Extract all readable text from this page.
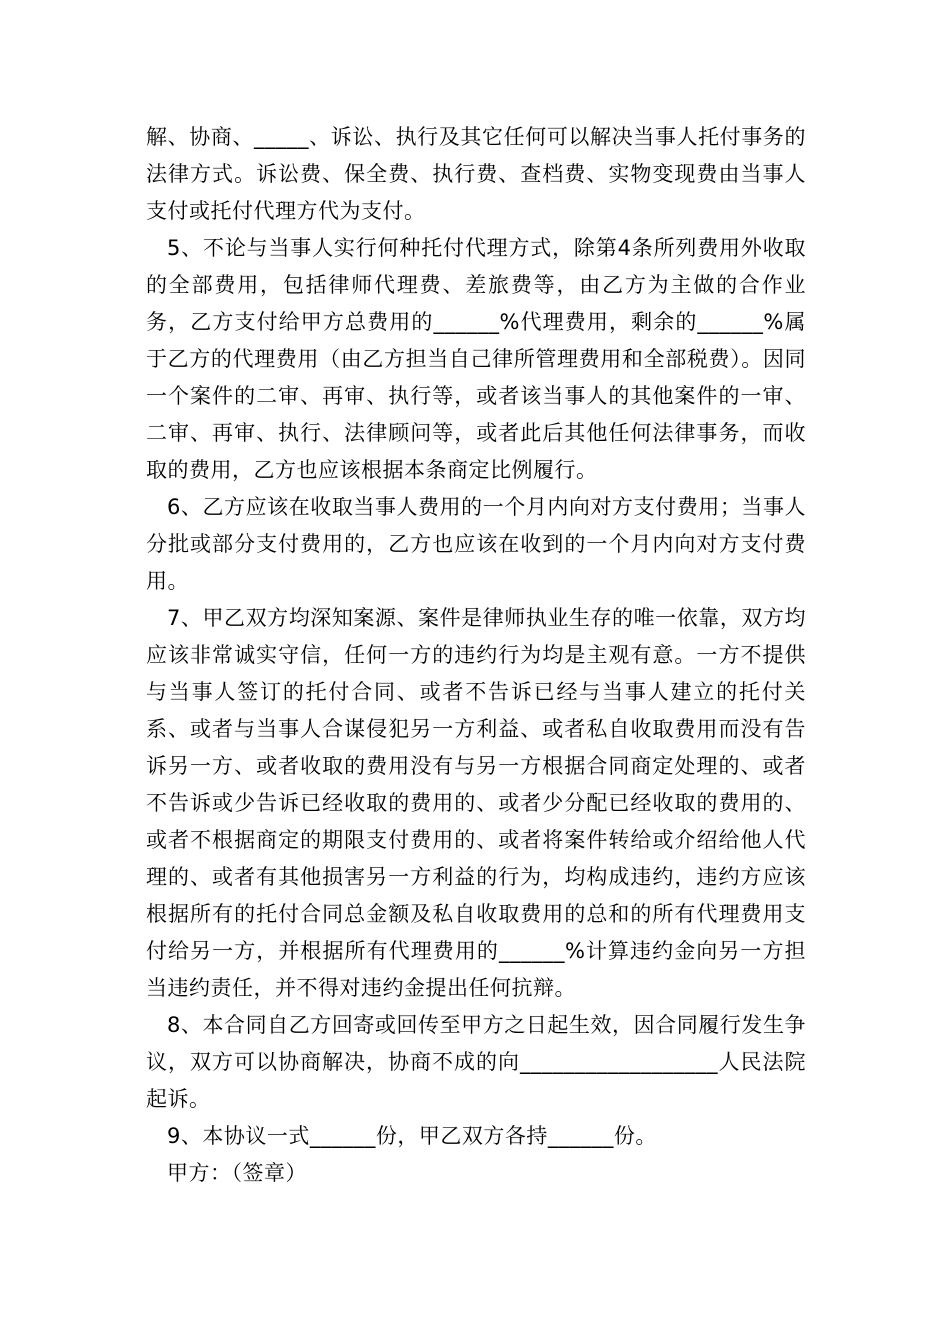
解、协商、_____、诉讼、执行及其它任何可以解决当事人托付事务的法律方式。诉讼费、保全费、执行费、查档费、实物变现费由当事人支付或托付代理方代为支付。

5、不论与当事人实行何种托付代理方式，除第4条所列费用外收取的全部费用，包括律师代理费、差旅费等，由乙方为主做的合作业务，乙方支付给甲方总费用的______%代理费用，剩余的______%属于乙方的代理费用（由乙方担当自己律所管理费用和全部税费）。因同一个案件的二审、再审、执行等，或者该当事人的其他案件的一审、二审、再审、执行、法律顾问等，或者此后其他任何法律事务，而收取的费用，乙方也应该根据本条商定比例履行。

6、乙方应该在收取当事人费用的一个月内向对方支付费用；当事人分批或部分支付费用的，乙方也应该在收到的一个月内向对方支付费用。

7、甲乙双方均深知案源、案件是律师执业生存的唯一依靠，双方均应该非常诚实守信，任何一方的违约行为均是主观有意。一方不提供与当事人签订的托付合同、或者不告诉已经与当事人建立的托付关系、或者与当事人合谋侵犯另一方利益、或者私自收取费用而没有告诉另一方、或者收取的费用没有与另一方根据合同商定处理的、或者不告诉或少告诉已经收取的费用的、或者少分配已经收取的费用的、或者不根据商定的期限支付费用的、或者将案件转给或介绍给他人代理的、或者有其他损害另一方利益的行为，均构成违约，违约方应该根据所有的托付合同总金额及私自收取费用的总和的所有代理费用支付给另一方，并根据所有代理费用的______%计算违约金向另一方担当违约责任，并不得对违约金提出任何抗辩。

8、本合同自乙方回寄或回传至甲方之日起生效，因合同履行发生争议，双方可以协商解决，协商不成的向__________________人民法院起诉。

9、本协议一式______份，甲乙双方各持______份。

甲方：（签章）
